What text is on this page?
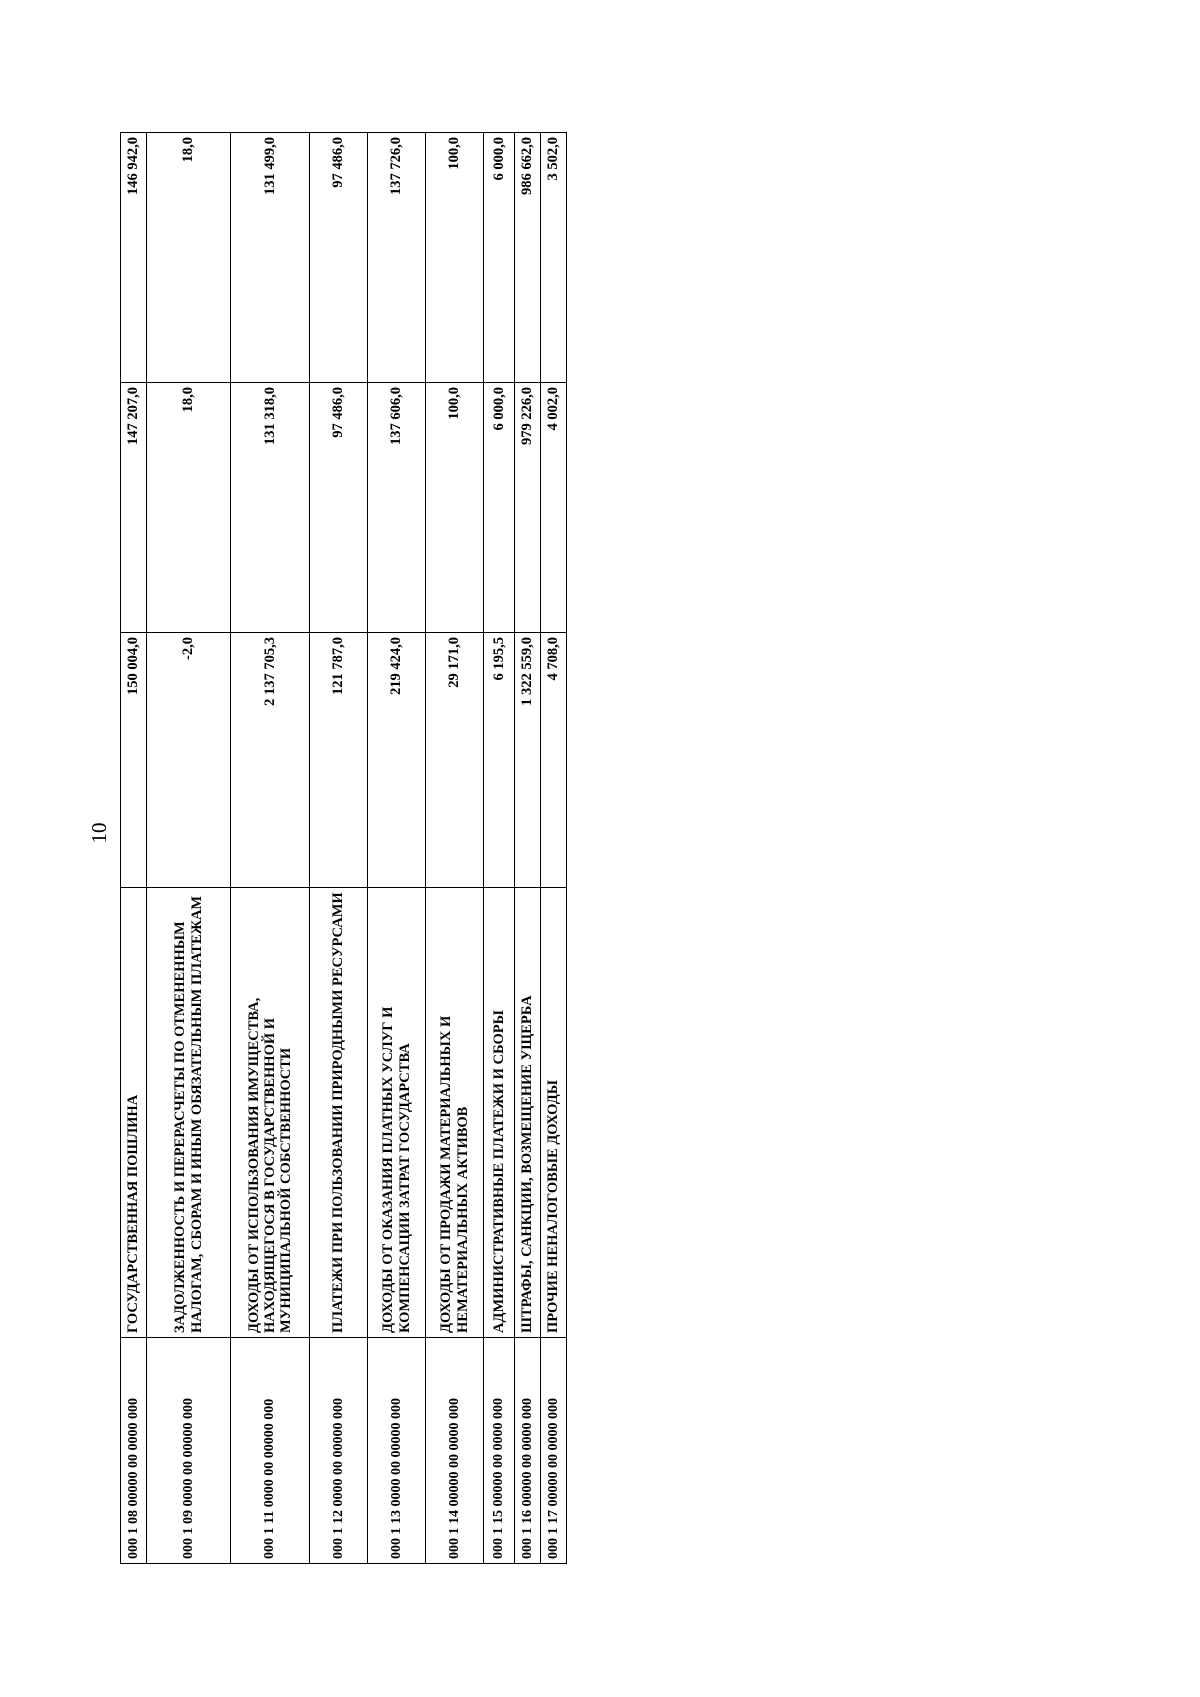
10
000 1 08 00000 00 0000 000	ГОСУДАРСТВЕННАЯ ПОШЛИНА	150 004,0	147 207,0	146 942,0
000 1 09 0000 00 00000 000	ЗАДОЛЖЕННОСТЬ И ПЕРЕРАСЧЕТЫ ПО ОТМЕНЕННЫМ НАЛОГАМ, СБОРАМ И ИНЫМ ОБЯЗАТЕЛЬНЫМ ПЛАТЕЖАМ	-2,0	18,0	18,0
000 1 11 0000 00 00000 000	ДОХОДЫ ОТ ИСПОЛЬЗОВАНИЯ ИМУЩЕСТВА, НАХОДЯЩЕГОСЯ В ГОСУДАРСТВЕННОЙ И МУНИЦИПАЛЬНОЙ СОБСТВЕННОСТИ	2 137 705,3	131 318,0	131 499,0
000 1 12 0000 00 00000 000	ПЛАТЕЖИ ПРИ ПОЛЬЗОВАНИИ ПРИРОДНЫМИ РЕСУРСАМИ	121 787,0	97 486,0	97 486,0
000 1 13 0000 00 00000 000	ДОХОДЫ ОТ ОКАЗАНИЯ ПЛАТНЫХ УСЛУГ И КОМПЕНСАЦИИ ЗАТРАТ ГОСУДАРСТВА	219 424,0	137 606,0	137 726,0
000 1 14 00000 00 0000 000	ДОХОДЫ ОТ ПРОДАЖИ МАТЕРИАЛЬНЫХ И НЕМАТЕРИАЛЬНЫХ АКТИВОВ	29 171,0	100,0	100,0
000 1 15 00000 00 0000 000	АДМИНИСТРАТИВНЫЕ ПЛАТЕЖИ И СБОРЫ	6 195,5	6 000,0	6 000,0
000 1 16 00000 00 0000 000	ШТРАФЫ, САНКЦИИ, ВОЗМЕЩЕНИЕ УЩЕРБА	1 322 559,0	979 226,0	986 662,0
000 1 17 00000 00 0000 000	ПРОЧИЕ НЕНАЛОГОВЫЕ ДОХОДЫ	4 708,0	4 002,0	3 502,0
